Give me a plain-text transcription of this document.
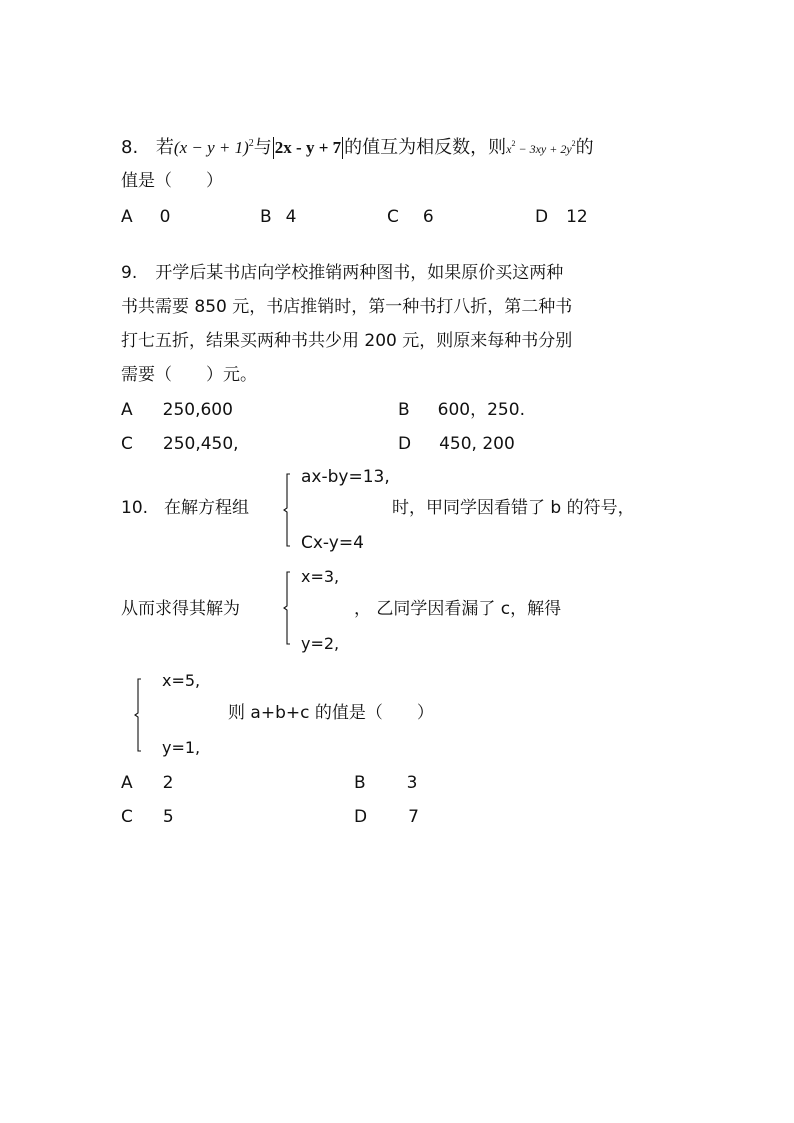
8. 若$(x - y + 1)^2$与 2x - y + 7 的值互为相反数，则$x^2 - 3xy + 2y^2$的
值是（　　）
A 0	B 4	C 6	D 12
9. 开学后某书店向学校推销两种图书，如果原价买这两种
书共需要 850 元，书店推销时，第一种书打八折，第二种书
打七五折，结果买两种书共少用 200 元，则原来每种书分别
需要（　　）元。
A 250,600	B 600，250.
C 250,450,	D 450, 200
10. 在解方程组
ax-by=13,
Cx-y=4
时，甲同学因看错了 b 的符号，
从而求得其解为
x=3,
y=2,
， 乙同学因看漏了 c，解得
x=5,
y=1,
则 a+b+c 的值是（　　）
A 2	B 3
C 5	D 7
